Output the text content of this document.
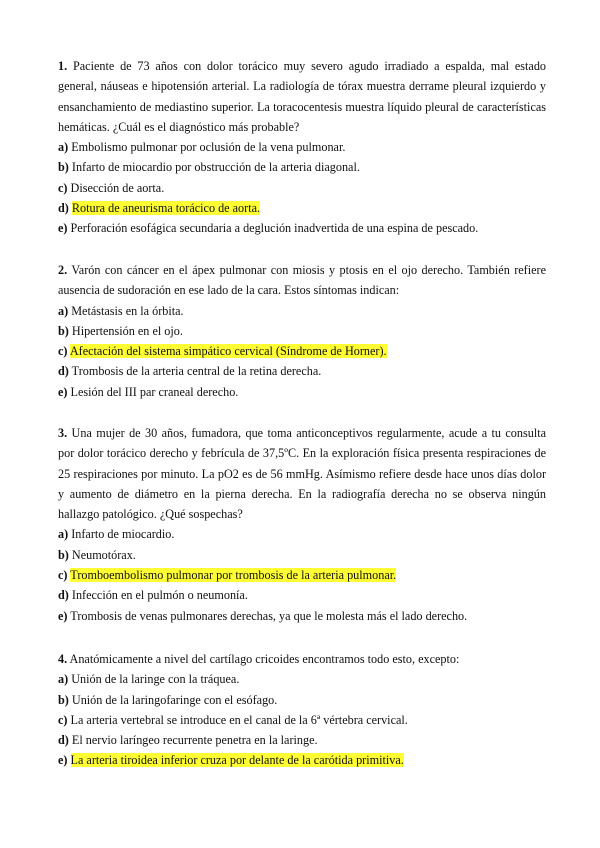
1. Paciente de 73 años con dolor torácico muy severo agudo irradiado a espalda, mal estado general, náuseas e hipotensión arterial. La radiología de tórax muestra derrame pleural izquierdo y ensanchamiento de mediastino superior. La toracocentesis muestra líquido pleural de características hemáticas. ¿Cuál es el diagnóstico más probable?

a) Embolismo pulmonar por oclusión de la vena pulmonar.

b) Infarto de miocardio por obstrucción de la arteria diagonal.

c) Disección de aorta.

d) Rotura de aneurisma torácico de aorta.

e) Perforación esofágica secundaria a deglución inadvertida de una espina de pescado.

2. Varón con cáncer en el ápex pulmonar con miosis y ptosis en el ojo derecho. También refiere ausencia de sudoración en ese lado de la cara. Estos síntomas indican:

a) Metástasis en la órbita.

b) Hipertensión en el ojo.

c) Afectación del sistema simpático cervical (Síndrome de Horner).

d) Trombosis de la arteria central de la retina derecha.

e) Lesión del III par craneal derecho.

3. Una mujer de 30 años, fumadora, que toma anticonceptivos regularmente, acude a tu consulta por dolor torácico derecho y febrícula de 37,5ºC. En la exploración física presenta respiraciones de 25 respiraciones por minuto. La pO2 es de 56 mmHg. Asímismo refiere desde hace unos días dolor y aumento de diámetro en la pierna derecha. En la radiografía derecha no se observa ningún hallazgo patológico. ¿Qué sospechas?

a) Infarto de miocardio.

b) Neumotórax.

c) Tromboembolismo pulmonar por trombosis de la arteria pulmonar.

d) Infección en el pulmón o neumonía.

e) Trombosis de venas pulmonares derechas, ya que le molesta más el lado derecho.

4. Anatómicamente a nivel del cartílago cricoides encontramos todo esto, excepto:

a) Unión de la laringe con la tráquea.

b) Unión de la laringofaringe con el esófago.

c) La arteria vertebral se introduce en el canal de la 6ª vértebra cervical.

d) El nervio laríngeo recurrente penetra en la laringe.

e) La arteria tiroidea inferior cruza por delante de la carótida primitiva.
